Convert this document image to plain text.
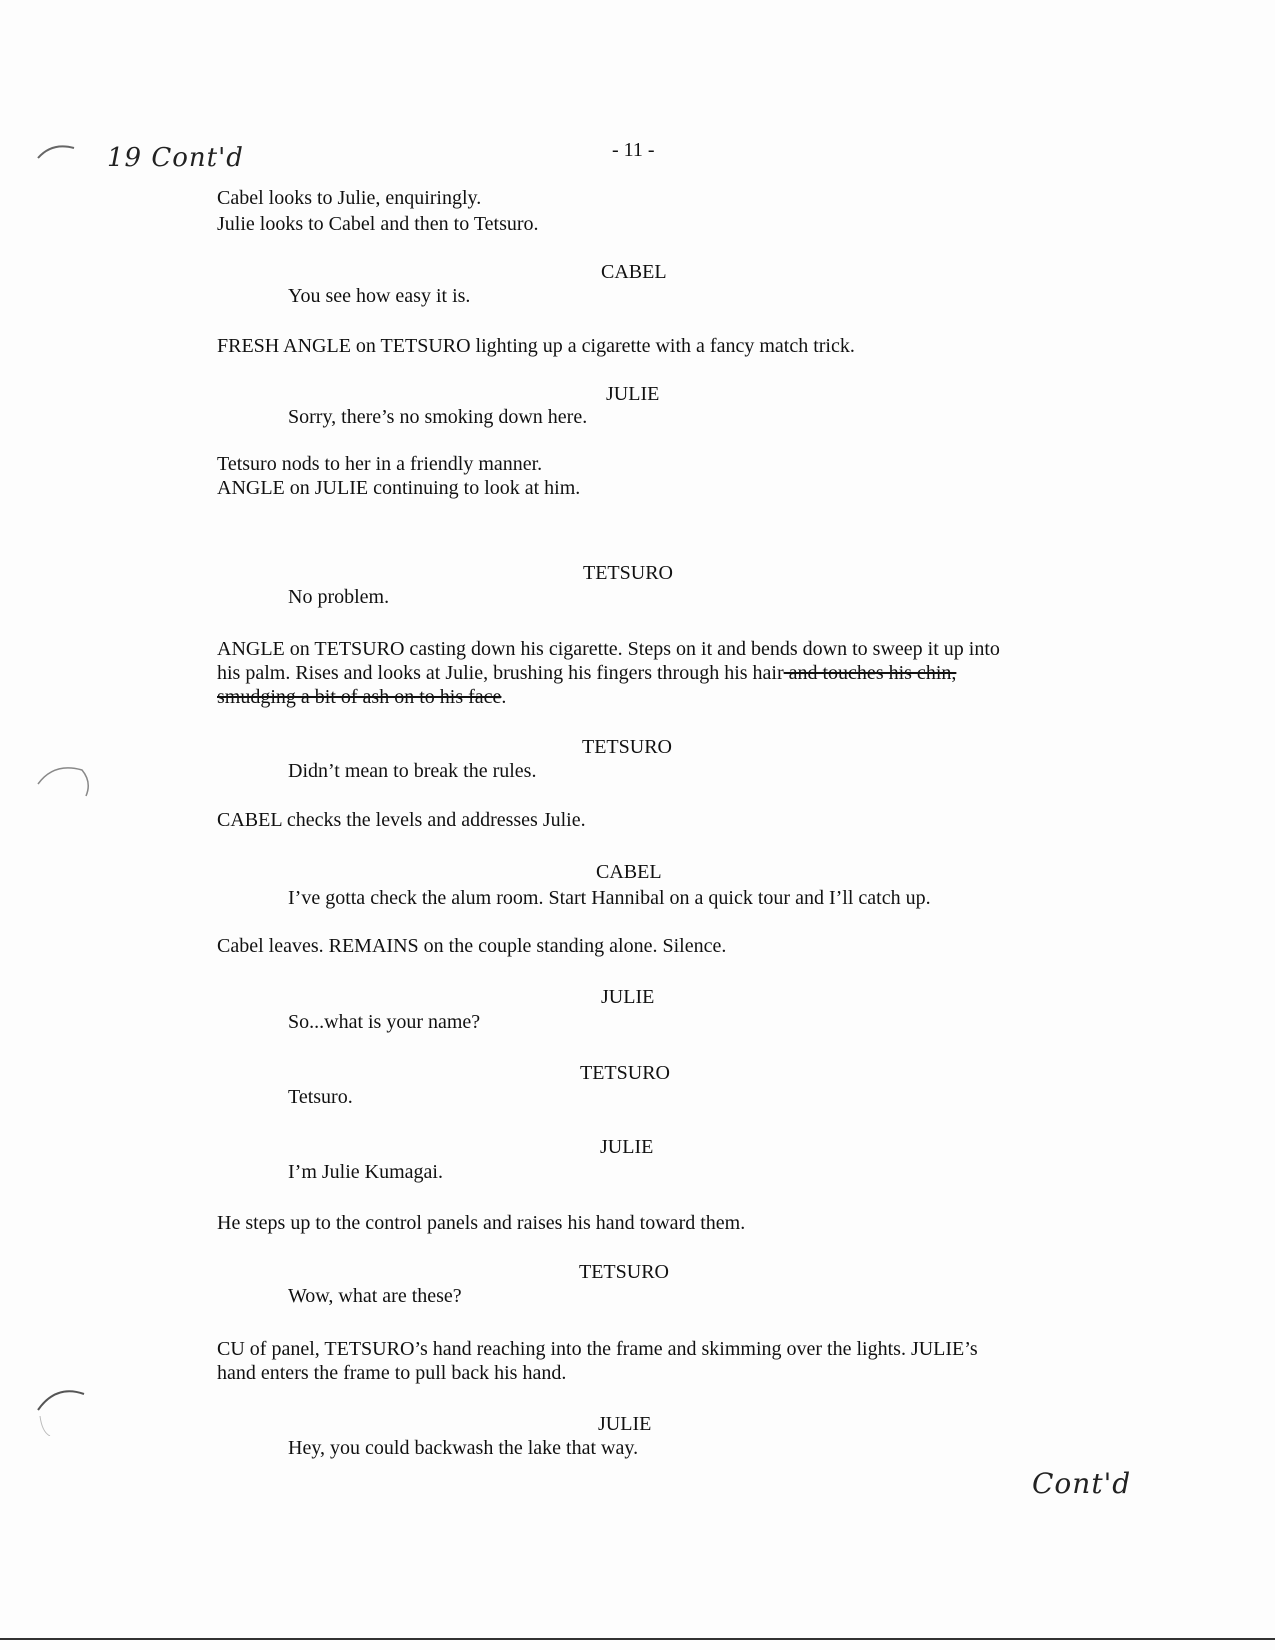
19 Cont'd	- 11 -
Cabel looks to Julie, enquiringly.
Julie looks to Cabel and then to Tetsuro.
CABEL
You see how easy it is.
FRESH ANGLE on TETSURO lighting up a cigarette with a fancy match trick.
JULIE
Sorry, there’s no smoking down here.
Tetsuro nods to her in a friendly manner.
ANGLE on JULIE continuing to look at him.
TETSURO
No problem.
ANGLE on TETSURO casting down his cigarette. Steps on it and bends down to sweep it up into
his palm. Rises and looks at Julie, brushing his fingers through his hair and touches his chin,
smudging a bit of ash on to his face.
TETSURO
Didn’t mean to break the rules.
CABEL checks the levels and addresses Julie.
CABEL
I’ve gotta check the alum room. Start Hannibal on a quick tour and I’ll catch up.
Cabel leaves. REMAINS on the couple standing alone. Silence.
JULIE
So...what is your name?
TETSURO
Tetsuro.
JULIE
I’m Julie Kumagai.
He steps up to the control panels and raises his hand toward them.
TETSURO
Wow, what are these?
CU of panel, TETSURO’s hand reaching into the frame and skimming over the lights. JULIE’s
hand enters the frame to pull back his hand.
JULIE
Hey, you could backwash the lake that way.
Cont'd
